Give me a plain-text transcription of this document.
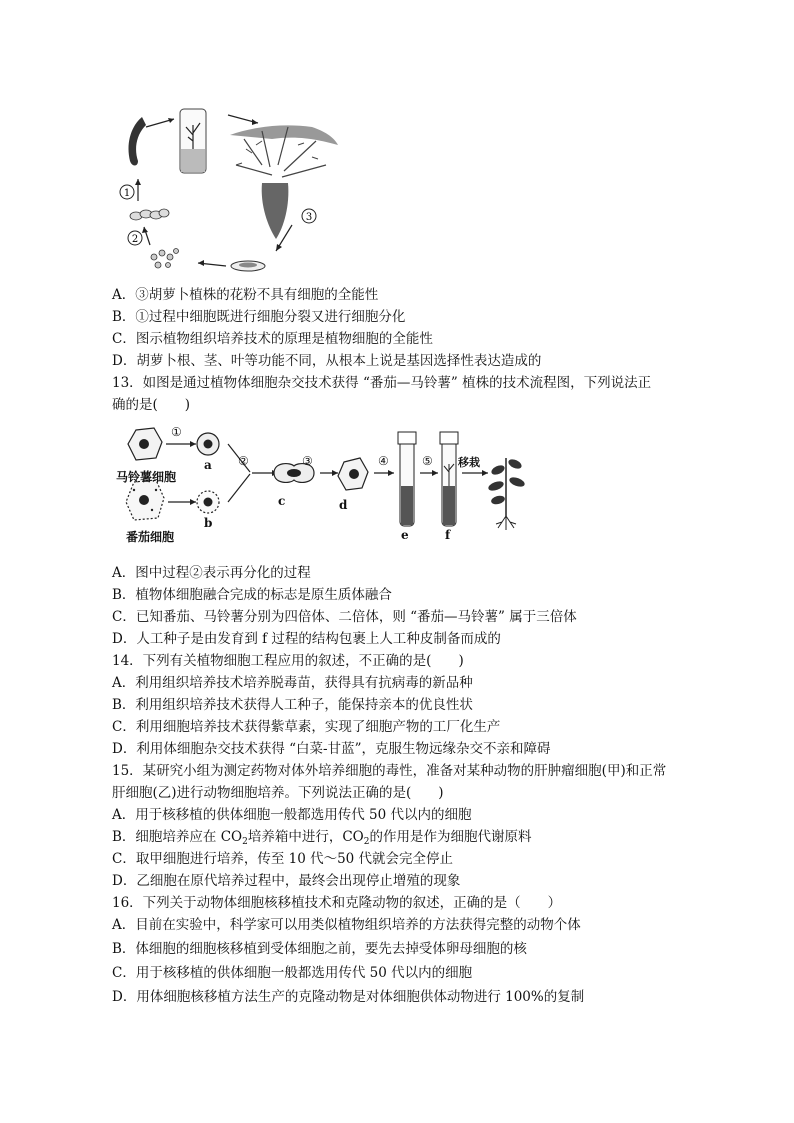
3
2
1
A．③胡萝卜植株的花粉不具有细胞的全能性
B．①过程中细胞既进行细胞分裂又进行细胞分化
C．图示植物组织培养技术的原理是植物细胞的全能性
D．胡萝卜根、茎、叶等功能不同，从根本上说是基因选择性表达造成的
13．如图是通过植物体细胞杂交技术获得 “番茄—马铃薯” 植株的技术流程图，下列说法正
确的是(　　)
马铃薯细胞
番茄细胞
①
②	③	④	⑤ 移栽
a
b
c	d
e	f
A．图中过程②表示再分化的过程
B．植物体细胞融合完成的标志是原生质体融合
C．已知番茄、马铃薯分别为四倍体、二倍体，则 “番茄—马铃薯” 属于三倍体
D．人工种子是由发育到 f 过程的结构包裹上人工种皮制备而成的
14．下列有关植物细胞工程应用的叙述，不正确的是(　　)
A．利用组织培养技术培养脱毒苗，获得具有抗病毒的新品种
B．利用组织培养技术获得人工种子，能保持亲本的优良性状
C．利用细胞培养技术获得紫草素，实现了细胞产物的工厂化生产
D．利用体细胞杂交技术获得 “白菜-甘蓝”，克服生物远缘杂交不亲和障碍
15．某研究小组为测定药物对体外培养细胞的毒性，准备对某种动物的肝肿瘤细胞(甲)和正常
肝细胞(乙)进行动物细胞培养。下列说法正确的是(　　)
A．用于核移植的供体细胞一般都选用传代 50 代以内的细胞
B．细胞培养应在 $CO_2$培养箱中进行，$CO_2$的作用是作为细胞代谢原料
C．取甲细胞进行培养，传至 10 代～50 代就会完全停止
D．乙细胞在原代培养过程中，最终会出现停止增殖的现象
16．下列关于动物体细胞核移植技术和克隆动物的叙述，正确的是（　　）
A．目前在实验中，科学家可以用类似植物组织培养的方法获得完整的动物个体
B．体细胞的细胞核移植到受体细胞之前，要先去掉受体卵母细胞的核
C．用于核移植的供体细胞一般都选用传代 50 代以内的细胞
D．用体细胞核移植方法生产的克隆动物是对体细胞供体动物进行 100%的复制
